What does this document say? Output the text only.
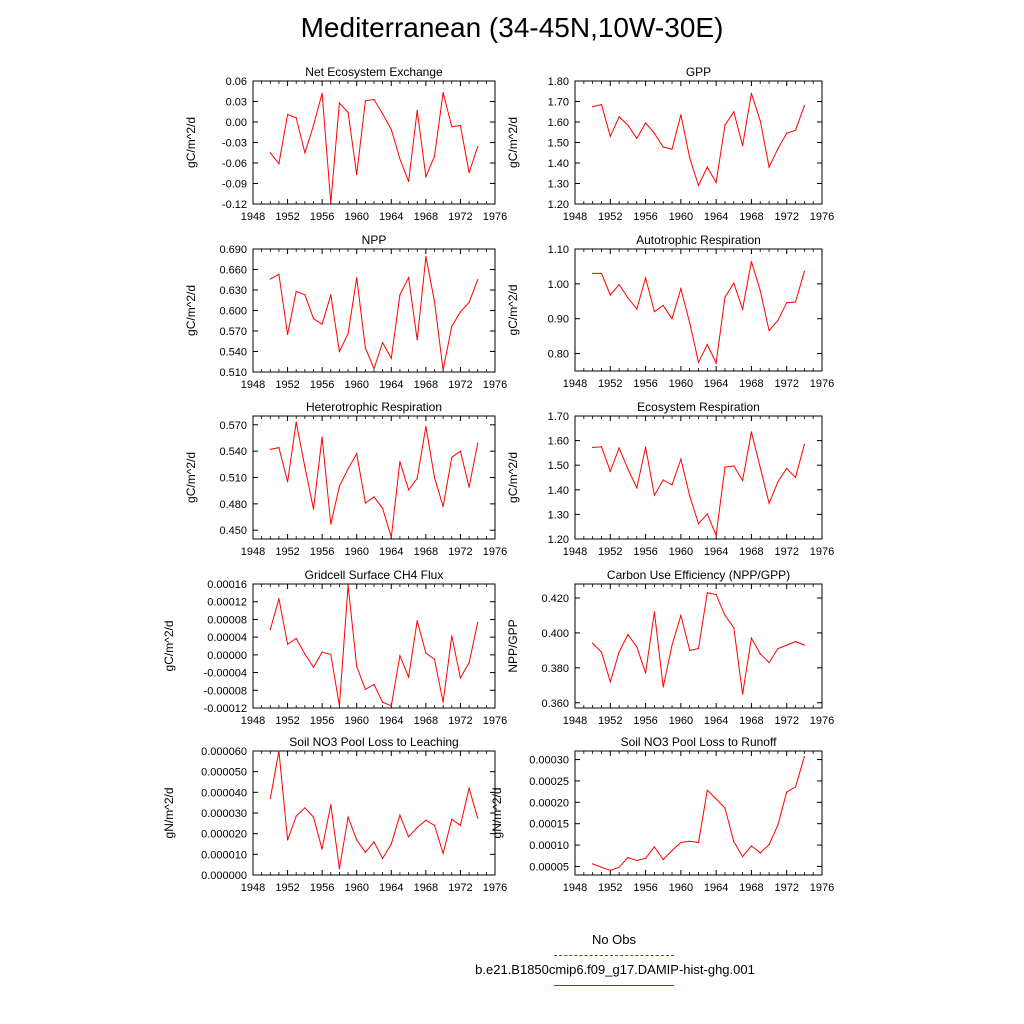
Mediterranean (34-45N,10W-30E)
Net Ecosystem Exchange
gC/m^2/d
1948 1952 1956 1960 1964 1968 1972 1976
-0.12
-0.09
-0.06
-0.03
0.00
0.03
0.06
GPP
gC/m^2/d
1948 1952 1956 1960 1964 1968 1972 1976
1.20
1.30
1.40
1.50
1.60
1.70
1.80
NPP
gC/m^2/d
1948 1952 1956 1960 1964 1968 1972 1976
0.510
0.540
0.570
0.600
0.630
0.660
0.690
Autotrophic Respiration
gC/m^2/d
1948 1952 1956 1960 1964 1968 1972 1976
0.80
0.90
1.00
1.10
Heterotrophic Respiration
gC/m^2/d
1948 1952 1956 1960 1964 1968 1972 1976
0.450
0.480
0.510
0.540
0.570
Ecosystem Respiration
gC/m^2/d
1948 1952 1956 1960 1964 1968 1972 1976
1.20
1.30
1.40
1.50
1.60
1.70
Gridcell Surface CH4 Flux
gC/m^2/d
1948 1952 1956 1960 1964 1968 1972 1976
-0.00012
-0.00008
-0.00004
0.00000
0.00004
0.00008
0.00012
0.00016
Carbon Use Efficiency (NPP/GPP)
NPP/GPP
1948 1952 1956 1960 1964 1968 1972 1976
0.360
0.380
0.400
0.420
Soil NO3 Pool Loss to Leaching
gN/m^2/d
1948 1952 1956 1960 1964 1968 1972 1976
0.000000
0.000010
0.000020
0.000030
0.000040
0.000050
0.000060
Soil NO3 Pool Loss to Runoff
gN/m^2/d
1948 1952 1956 1960 1964 1968 1972 1976
0.00005
0.00010
0.00015
0.00020
0.00025
0.00030
No Obs
b.e21.B1850cmip6.f09_g17.DAMIP-hist-ghg.001
